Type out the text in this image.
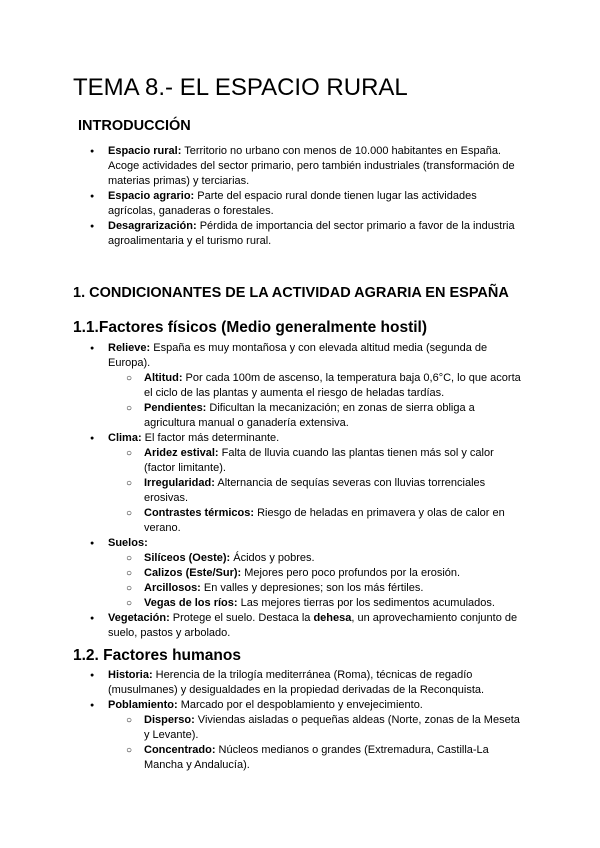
TEMA 8.- EL ESPACIO RURAL
INTRODUCCIÓN
● Espacio rural: Territorio no urbano con menos de 10.000 habitantes en España. Acoge actividades del sector primario, pero también industriales (transformación de materias primas) y terciarias.
● Espacio agrario: Parte del espacio rural donde tienen lugar las actividades agrícolas, ganaderas o forestales.
● Desagrarización: Pérdida de importancia del sector primario a favor de la industria agroalimentaria y el turismo rural.
1. CONDICIONANTES DE LA ACTIVIDAD AGRARIA EN ESPAÑA
1.1.Factores físicos (Medio generalmente hostil)
● Relieve: España es muy montañosa y con elevada altitud media (segunda de Europa).
○ Altitud: Por cada 100m de ascenso, la temperatura baja 0,6°C, lo que acorta el ciclo de las plantas y aumenta el riesgo de heladas tardías.
○ Pendientes: Dificultan la mecanización; en zonas de sierra obliga a agricultura manual o ganadería extensiva.
● Clima: El factor más determinante.
○ Aridez estival: Falta de lluvia cuando las plantas tienen más sol y calor (factor limitante).
○ Irregularidad: Alternancia de sequías severas con lluvias torrenciales erosivas.
○ Contrastes térmicos: Riesgo de heladas en primavera y olas de calor en verano.
● Suelos:
○ Silíceos (Oeste): Ácidos y pobres.
○ Calizos (Este/Sur): Mejores pero poco profundos por la erosión.
○ Arcillosos: En valles y depresiones; son los más fértiles.
○ Vegas de los ríos: Las mejores tierras por los sedimentos acumulados.
● Vegetación: Protege el suelo. Destaca la dehesa, un aprovechamiento conjunto de suelo, pastos y arbolado.
1.2. Factores humanos
● Historia: Herencia de la trilogía mediterránea (Roma), técnicas de regadío (musulmanes) y desigualdades en la propiedad derivadas de la Reconquista.
● Poblamiento: Marcado por el despoblamiento y envejecimiento.
○ Disperso: Viviendas aisladas o pequeñas aldeas (Norte, zonas de la Meseta y Levante).
○ Concentrado: Núcleos medianos o grandes (Extremadura, Castilla-La Mancha y Andalucía).
